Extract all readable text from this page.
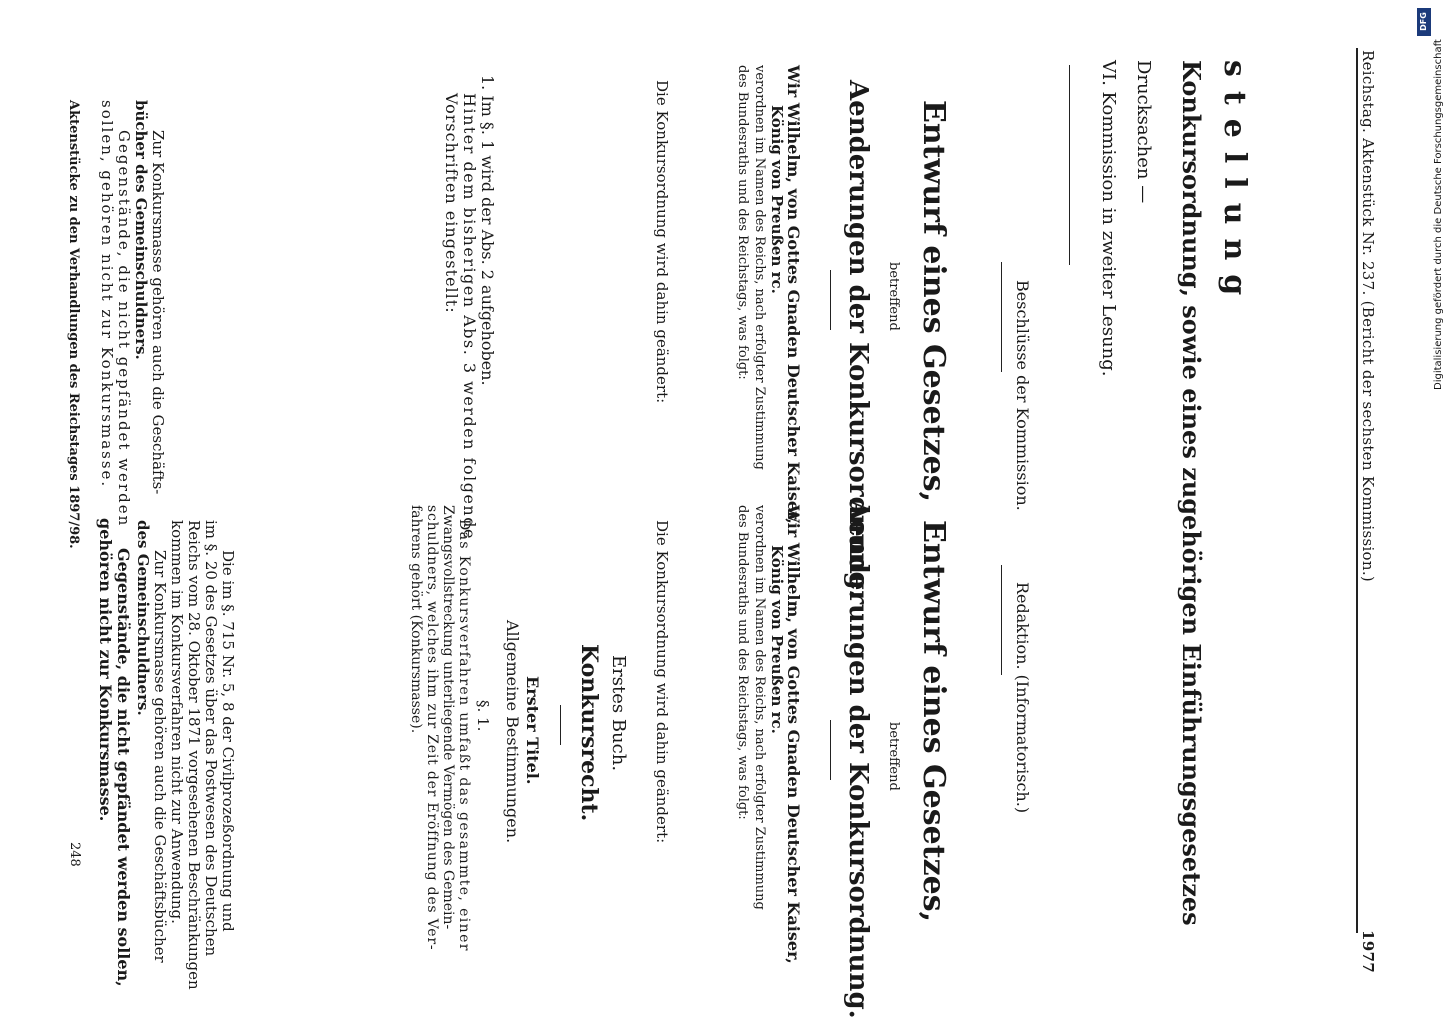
Reichstag. Aktenstück Nr. 237. (Bericht der sechsten Kommission.)
1977
stellung
Konkursordnung, sowie eines zugehörigen Einführungsgesetzes
Drucksachen —
VI. Kommission in zweiter Lesung.
Beschlüsse der Kommission.
Entwurf eines Gesetzes,
betreffend
Aenderungen der Konkursordnung.
Wir Wilhelm, von Gottes Gnaden Deutscher Kaiser,
König von Preußen rc.
verordnen im Namen des Reichs, nach erfolgter Zustimmung
des Bundesraths und des Reichstags, was folgt:
Die Konkursordnung wird dahin geändert:
1. Im §. 1 wird der Abs. 2 aufgehoben.
Hinter dem bisherigen Abs. 3 werden folgende
Vorschriften eingestellt:
Zur Konkursmasse gehören auch die Geschäfts-
bücher des Gemeinschuldners.
Gegenstände, die nicht gepfändet werden
sollen, gehören nicht zur Konkursmasse.
Aktenstücke zu den Verhandlungen des Reichstages 1897/98.
Redaktion. (Informatorisch.)
Entwurf eines Gesetzes,
betreffend
Aenderungen der Konkursordnung.
Wir Wilhelm, von Gottes Gnaden Deutscher Kaiser,
König von Preußen rc.
verordnen im Namen des Reichs, nach erfolgter Zustimmung
des Bundesraths und des Reichstags, was folgt:
Die Konkursordnung wird dahin geändert:
Erstes Buch.
Konkursrecht.
Erster Titel.
Allgemeine Bestimmungen.
§. 1.
Das Konkursverfahren umfaßt das gesammte, einer
Zwangsvollstreckung unterliegende Vermögen des Gemein-
schuldners, welches ihm zur Zeit der Eröffnung des Ver-
fahrens gehört (Konkursmasse).
Die im §. 715 Nr. 5, 8 der Civilprozeßordnung und
im §. 20 des Gesetzes über das Postwesen des Deutschen
Reichs vom 28. Oktober 1871 vorgesehenen Beschränkungen
kommen im Konkursverfahren nicht zur Anwendung.
Zur Konkursmasse gehören auch die Geschäftsbücher
des Gemeinschuldners.
Gegenstände, die nicht gepfändet werden sollen,
gehören nicht zur Konkursmasse.
248
DFG
Digitalisierung gefördert durch die Deutsche Forschungsgemeinschaft
